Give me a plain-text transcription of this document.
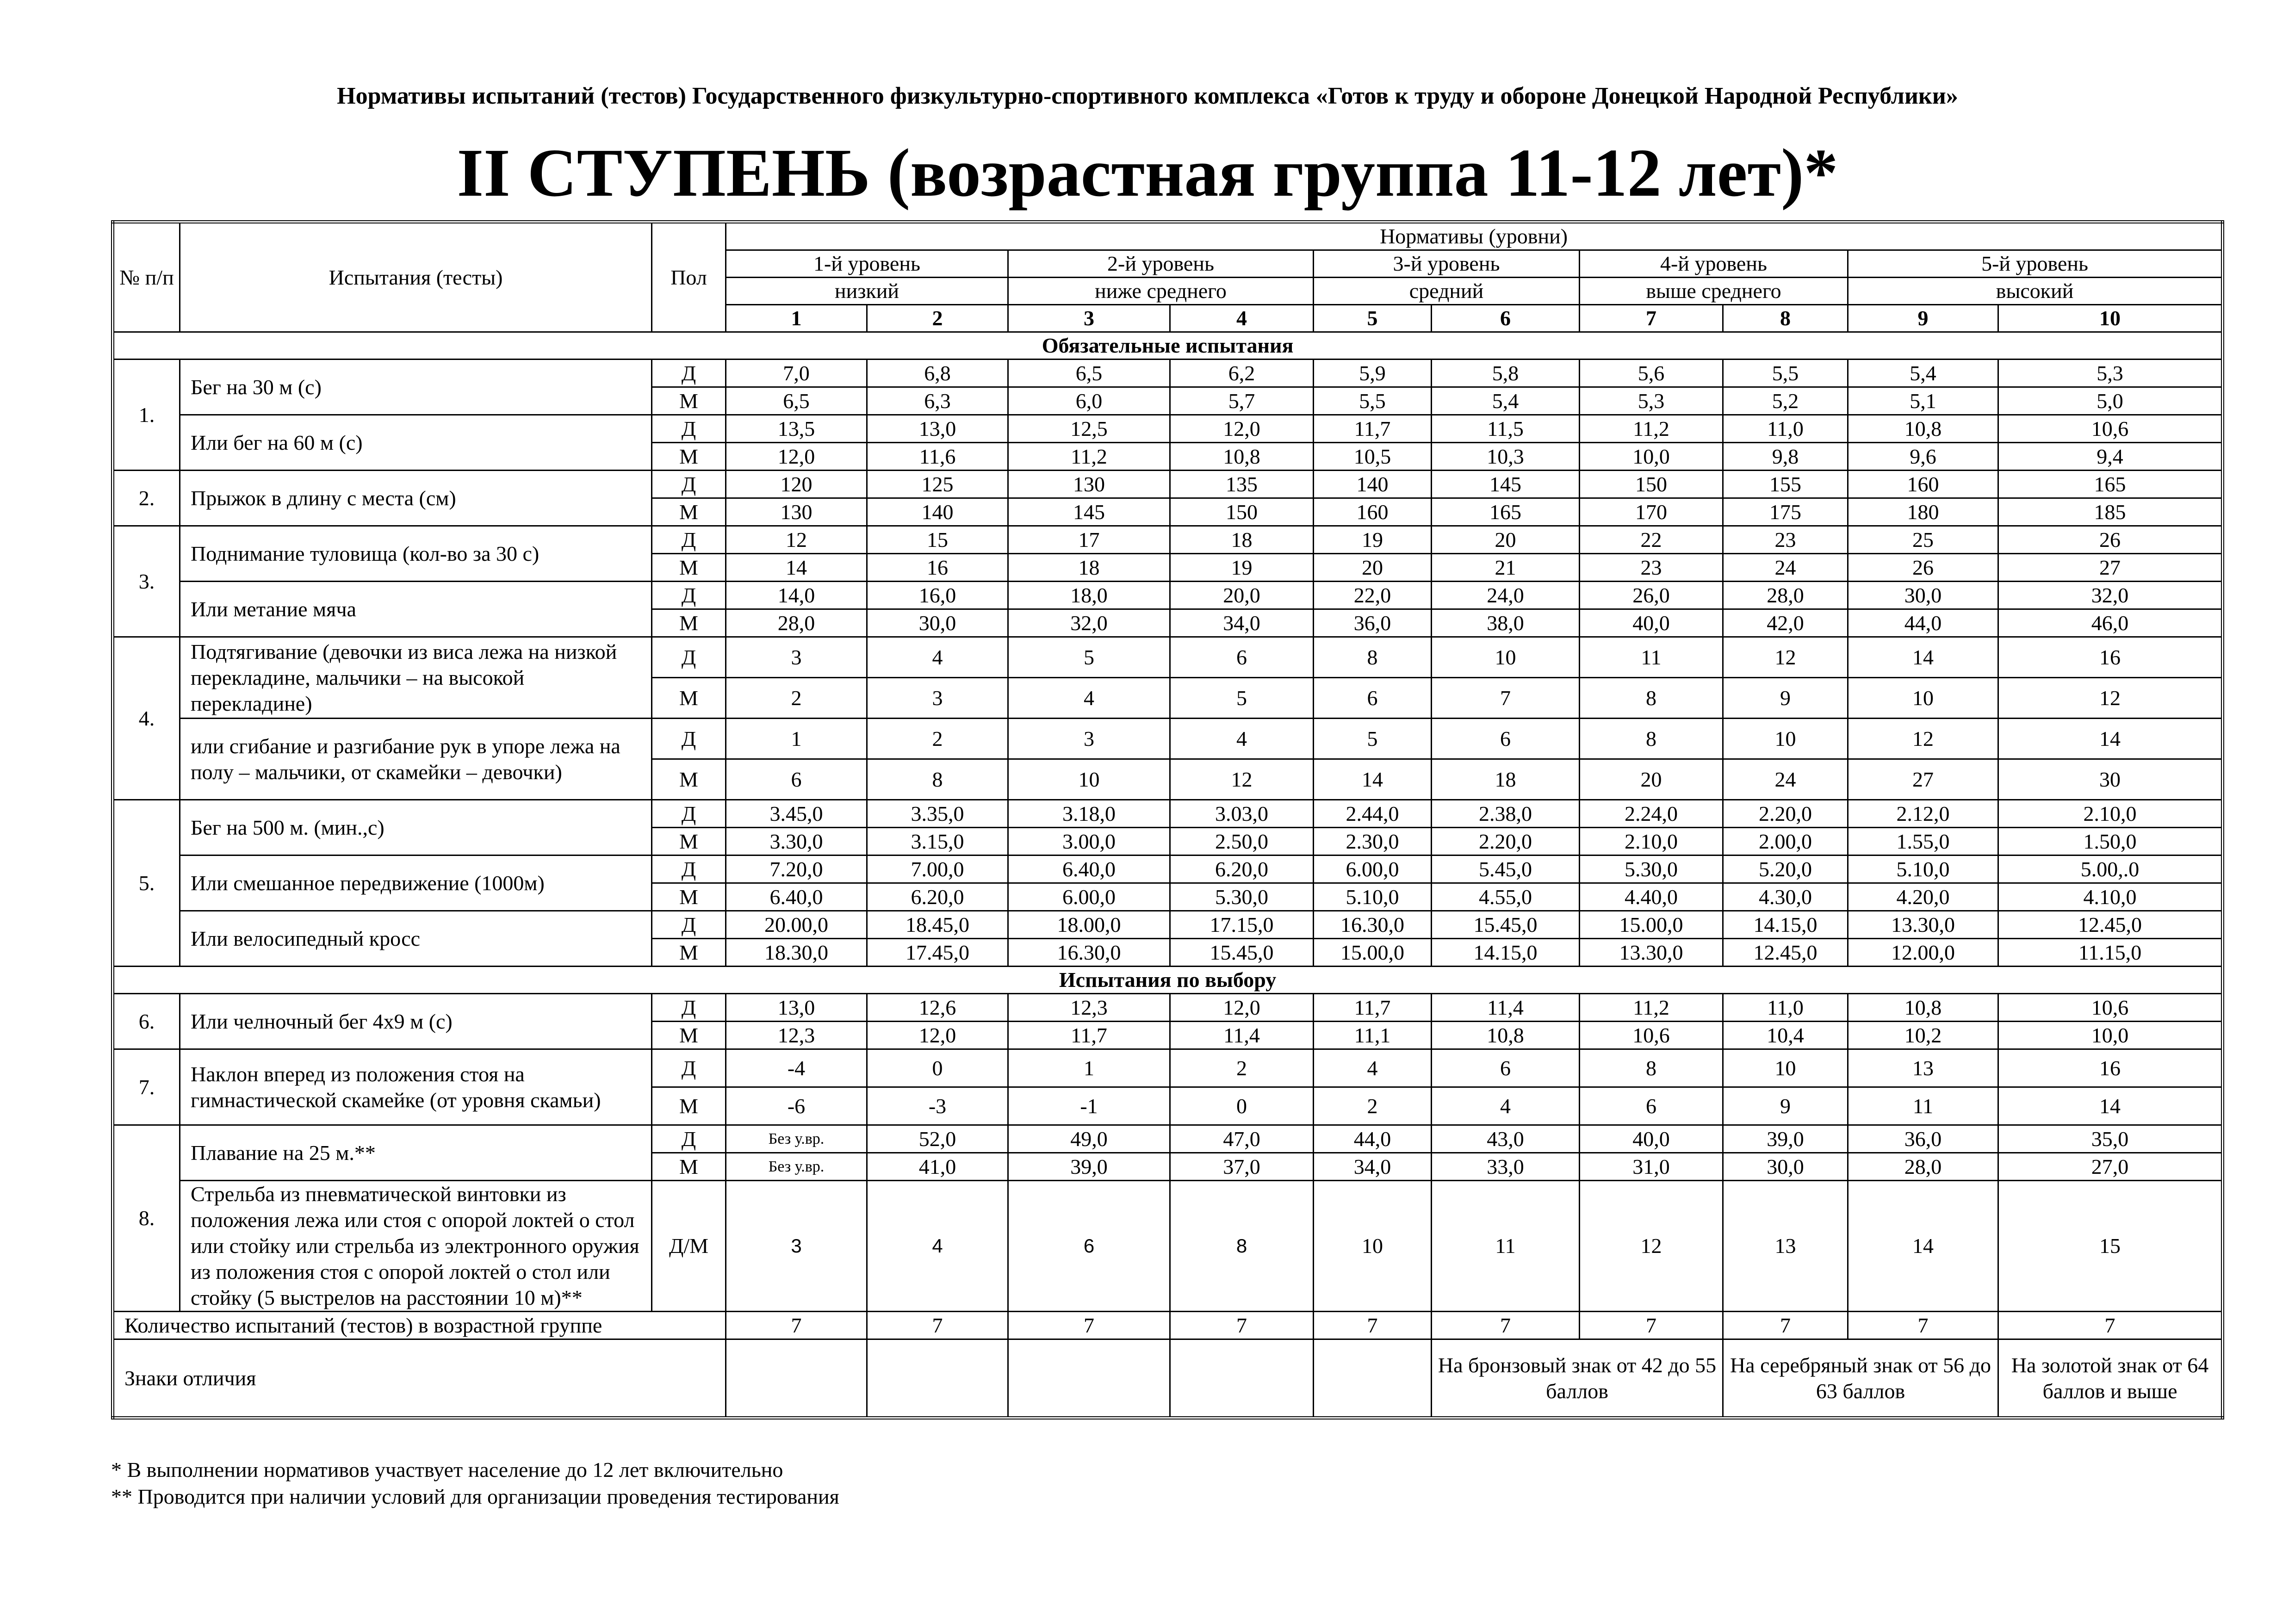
Нормативы испытаний (тестов) Государственного физкультурно-спортивного комплекса «Готов к труду и обороне Донецкой Народной Республики»
II СТУПЕНЬ (возрастная группа 11-12 лет)*
№ п/п	Испытания (тесты)	Пол	Нормативы (уровни)									
			1-й уровень		2-й уровень		3-й уровень		4-й уровень		5-й уровень	
			низкий		ниже среднего		средний		выше среднего		высокий	
			1	2	3	4	5	6	7	8	9	10
Обязательные испытания												
1.	Бег на 30 м (с)	Д	7,0	6,8	6,5	6,2	5,9	5,8	5,6	5,5	5,4	5,3
		М	6,5	6,3	6,0	5,7	5,5	5,4	5,3	5,2	5,1	5,0
	Или бег на 60 м (с)	Д	13,5	13,0	12,5	12,0	11,7	11,5	11,2	11,0	10,8	10,6
		М	12,0	11,6	11,2	10,8	10,5	10,3	10,0	9,8	9,6	9,4
2.	Прыжок в длину с места (см)	Д	120	125	130	135	140	145	150	155	160	165
		М	130	140	145	150	160	165	170	175	180	185
3.	Поднимание туловища (кол-во за 30 с)	Д	12	15	17	18	19	20	22	23	25	26
		М	14	16	18	19	20	21	23	24	26	27
	Или метание мяча	Д	14,0	16,0	18,0	20,0	22,0	24,0	26,0	28,0	30,0	32,0
		М	28,0	30,0	32,0	34,0	36,0	38,0	40,0	42,0	44,0	46,0
4.	Подтягивание (девочки из виса лежа на низкой перекладине, мальчики – на высокой перекладине)	Д	3	4	5	6	8	10	11	12	14	16
		М	2	3	4	5	6	7	8	9	10	12
	или сгибание и разгибание рук в упоре лежа на полу – мальчики, от скамейки – девочки)	Д	1	2	3	4	5	6	8	10	12	14
		М	6	8	10	12	14	18	20	24	27	30
5.	Бег на 500 м. (мин.,с)	Д	3.45,0	3.35,0	3.18,0	3.03,0	2.44,0	2.38,0	2.24,0	2.20,0	2.12,0	2.10,0
		М	3.30,0	3.15,0	3.00,0	2.50,0	2.30,0	2.20,0	2.10,0	2.00,0	1.55,0	1.50,0
	Или смешанное передвижение (1000м)	Д	7.20,0	7.00,0	6.40,0	6.20,0	6.00,0	5.45,0	5.30,0	5.20,0	5.10,0	5.00,.0
		М	6.40,0	6.20,0	6.00,0	5.30,0	5.10,0	4.55,0	4.40,0	4.30,0	4.20,0	4.10,0
	Или велосипедный кросс	Д	20.00,0	18.45,0	18.00,0	17.15,0	16.30,0	15.45,0	15.00,0	14.15,0	13.30,0	12.45,0
		М	18.30,0	17.45,0	16.30,0	15.45,0	15.00,0	14.15,0	13.30,0	12.45,0	12.00,0	11.15,0
Испытания по выбору												
6.	Или челночный бег 4х9 м (с)	Д	13,0	12,6	12,3	12,0	11,7	11,4	11,2	11,0	10,8	10,6
		М	12,3	12,0	11,7	11,4	11,1	10,8	10,6	10,4	10,2	10,0
7.	Наклон вперед из положения стоя на гимнастической скамейке (от уровня скамьи)	Д	-4	0	1	2	4	6	8	10	13	16
		М	-6	-3	-1	0	2	4	6	9	11	14
8.	Плавание на 25 м.**	Д	Без у.вр.	52,0	49,0	47,0	44,0	43,0	40,0	39,0	36,0	35,0
		М	Без у.вр.	41,0	39,0	37,0	34,0	33,0	31,0	30,0	28,0	27,0
	Стрельба из пневматической винтовки из положения лежа или стоя с опорой локтей о стол или стойку или стрельба из электронного оружия из положения стоя с опорой локтей о стол или стойку (5 выстрелов на расстоянии 10 м)**	Д/М	3	4	6	8	10	11	12	13	14	15
Количество испытаний (тестов) в возрастной группе			7	7	7	7	7	7	7	7	7	7
Знаки отличия								На бронзовый знак от 42 до 55 баллов		На серебряный знак от 56 до 63 баллов		На золотой знак от 64 баллов и выше
* В выполнении нормативов участвует население до 12 лет включительно
** Проводится при наличии условий для организации проведения тестирования
